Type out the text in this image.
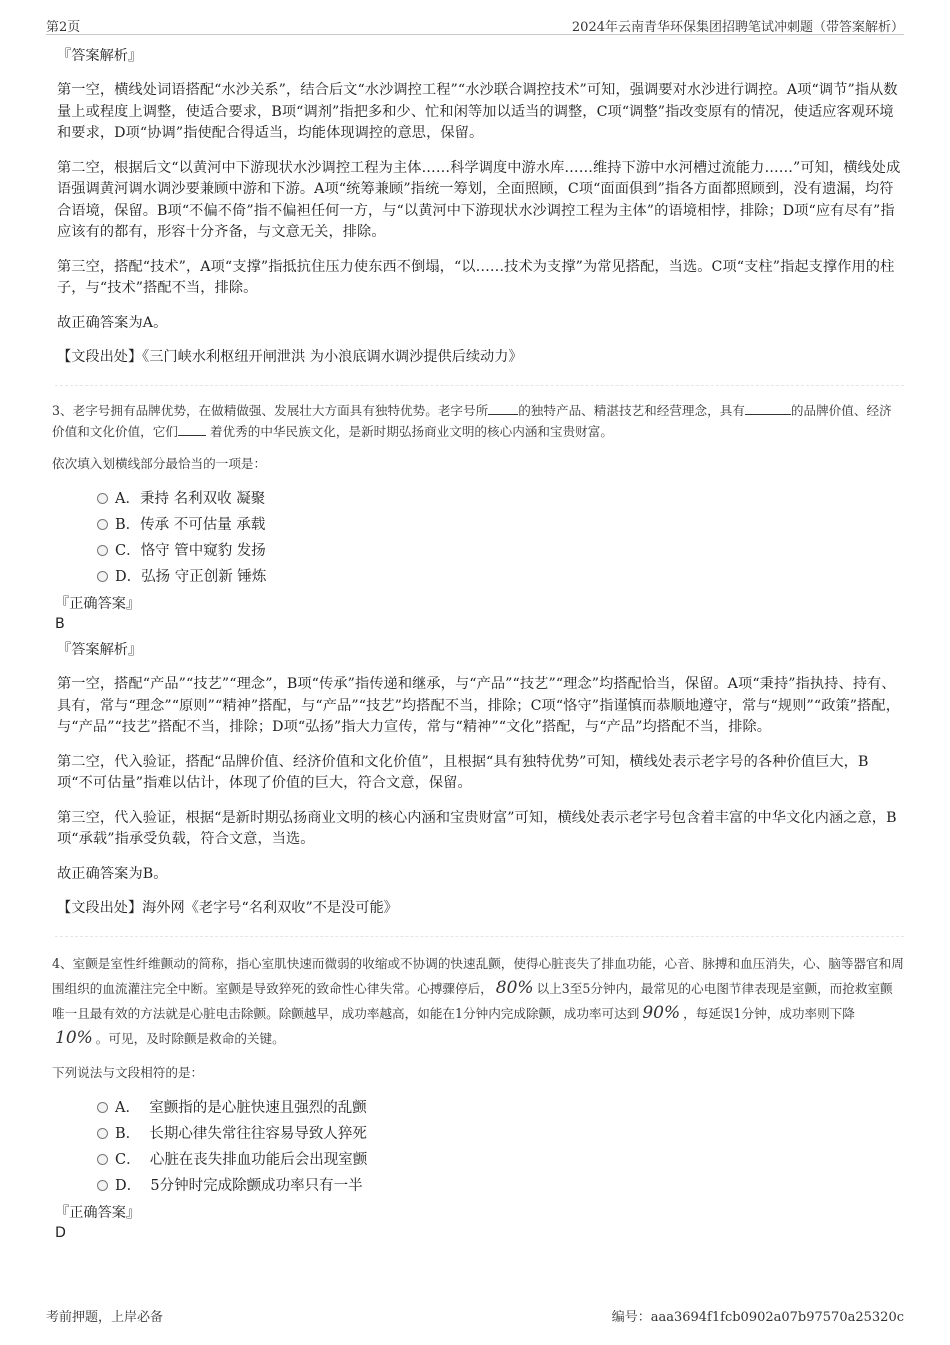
第2页	2024年云南青华环保集团招聘笔试冲刺题（带答案解析）
『答案解析』

第一空，横线处词语搭配“水沙关系”，结合后文“水沙调控工程”“水沙联合调控技术”可知，强调要对水沙进行调控。A项“调节”指从数量上或程度上调整，使适合要求，B项“调剂”指把多和少、忙和闲等加以适当的调整，C项“调整”指改变原有的情况，使适应客观环境和要求，D项“协调”指使配合得适当，均能体现调控的意思，保留。

第二空，根据后文“以黄河中下游现状水沙调控工程为主体……科学调度中游水库……维持下游中水河槽过流能力……”可知，横线处成语强调黄河调水调沙要兼顾中游和下游。A项“统筹兼顾”指统一筹划，全面照顾，C项“面面俱到”指各方面都照顾到，没有遗漏，均符合语境，保留。B项“不偏不倚”指不偏袒任何一方，与“以黄河中下游现状水沙调控工程为主体”的语境相悖，排除；D项“应有尽有”指应该有的都有，形容十分齐备，与文意无关，排除。

第三空，搭配“技术”，A项“支撑”指抵抗住压力使东西不倒塌，“以……技术为支撑”为常见搭配，当选。C项“支柱”指起支撑作用的柱子，与“技术”搭配不当，排除。

故正确答案为A。

【文段出处】《三门峡水利枢纽开闸泄洪 为小浪底调水调沙提供后续动力》
3、老字号拥有品牌优势，在做精做强、发展壮大方面具有独特优势。老字号所 的独特产品、精湛技艺和经营理念，具有	的品牌价值、经济价值和文化价值，它们 着优秀的中华民族文化，是新时期弘扬商业文明的核心内涵和宝贵财富。
依次填入划横线部分最恰当的一项是：
A．秉持 名利双收 凝聚
B．传承 不可估量 承载
C．恪守 管中窥豹 发扬
D．弘扬 守正创新 锤炼
『正确答案』
B
『答案解析』

第一空，搭配“产品”“技艺”“理念”，B项“传承”指传递和继承，与“产品”“技艺”“理念”均搭配恰当，保留。A项“秉持”指执持、持有、具有，常与“理念”“原则”“精神”搭配，与“产品”“技艺”均搭配不当，排除；C项“恪守”指谨慎而恭顺地遵守，常与“规则”“政策”搭配，与“产品”“技艺”搭配不当，排除；D项“弘扬”指大力宣传，常与“精神”“文化”搭配，与“产品”均搭配不当，排除。

第二空，代入验证，搭配“品牌价值、经济价值和文化价值”，且根据“具有独特优势”可知，横线处表示老字号的各种价值巨大，B项“不可估量”指难以估计，体现了价值的巨大，符合文意，保留。

第三空，代入验证，根据“是新时期弘扬商业文明的核心内涵和宝贵财富”可知，横线处表示老字号包含着丰富的中华文化内涵之意，B项“承载”指承受负载，符合文意，当选。

故正确答案为B。

【文段出处】海外网《老字号“名利双收”不是没可能》
4、室颤是室性纤维颤动的简称，指心室肌快速而微弱的收缩或不协调的快速乱颤，使得心脏丧失了排血功能，心音、脉搏和血压消失，心、脑等器官和周围组织的血流灌注完全中断。室颤是导致猝死的致命性心律失常。心搏骤停后， 80% 以上3至5分钟内，最常见的心电图节律表现是室颤，而抢救室颤唯一且最有效的方法就是心脏电击除颤。除颤越早，成功率越高，如能在1分钟内完成除颤，成功率可达到 90% ，每延误1分钟，成功率则下降10% 。可见，及时除颤是救命的关键。
下列说法与文段相符的是：
A．  室颤指的是心脏快速且强烈的乱颤
B．  长期心律失常往往容易导致人猝死
C．  心脏在丧失排血功能后会出现室颤
D．  5分钟时完成除颤成功率只有一半
『正确答案』
D
考前押题，上岸必备	编号：aaa3694f1fcb0902a07b97570a25320c
